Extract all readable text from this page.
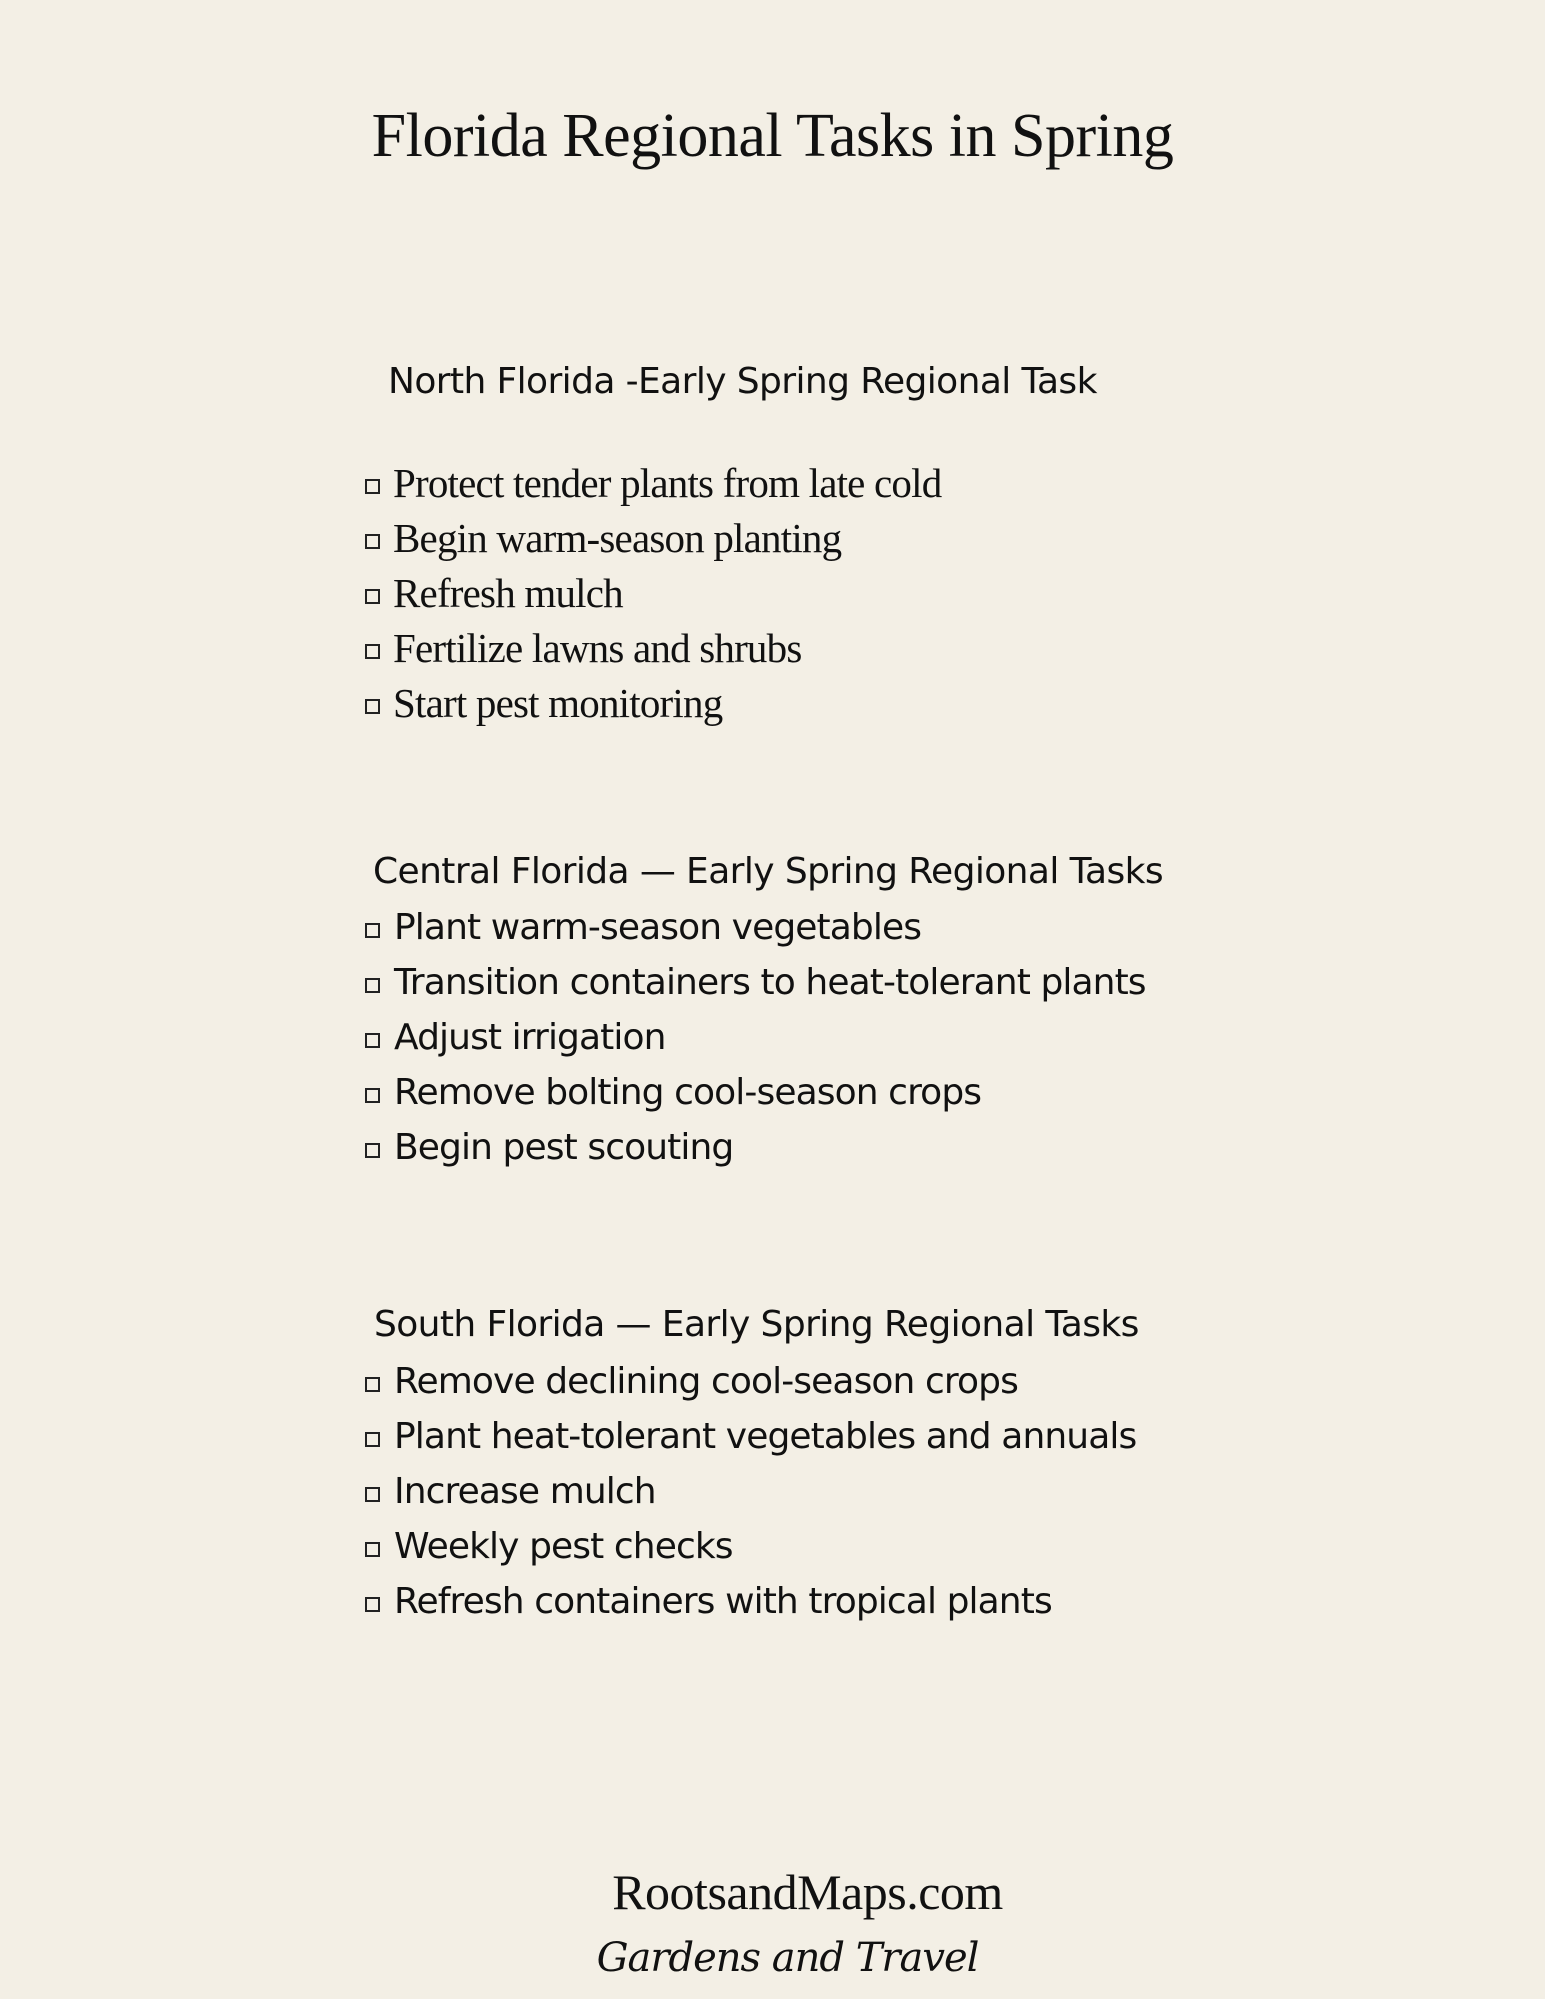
Florida Regional Tasks in Spring
North Florida -Early Spring Regional Task
Protect tender plants from late cold
Begin warm-season planting
Refresh mulch
Fertilize lawns and shrubs
Start pest monitoring
Central Florida — Early Spring Regional Tasks
Plant warm-season vegetables
Transition containers to heat-tolerant plants
Adjust irrigation
Remove bolting cool-season crops
Begin pest scouting
South Florida — Early Spring Regional Tasks
Remove declining cool-season crops
Plant heat-tolerant vegetables and annuals
Increase mulch
Weekly pest checks
Refresh containers with tropical plants
RootsandMaps.com
Gardens and Travel
